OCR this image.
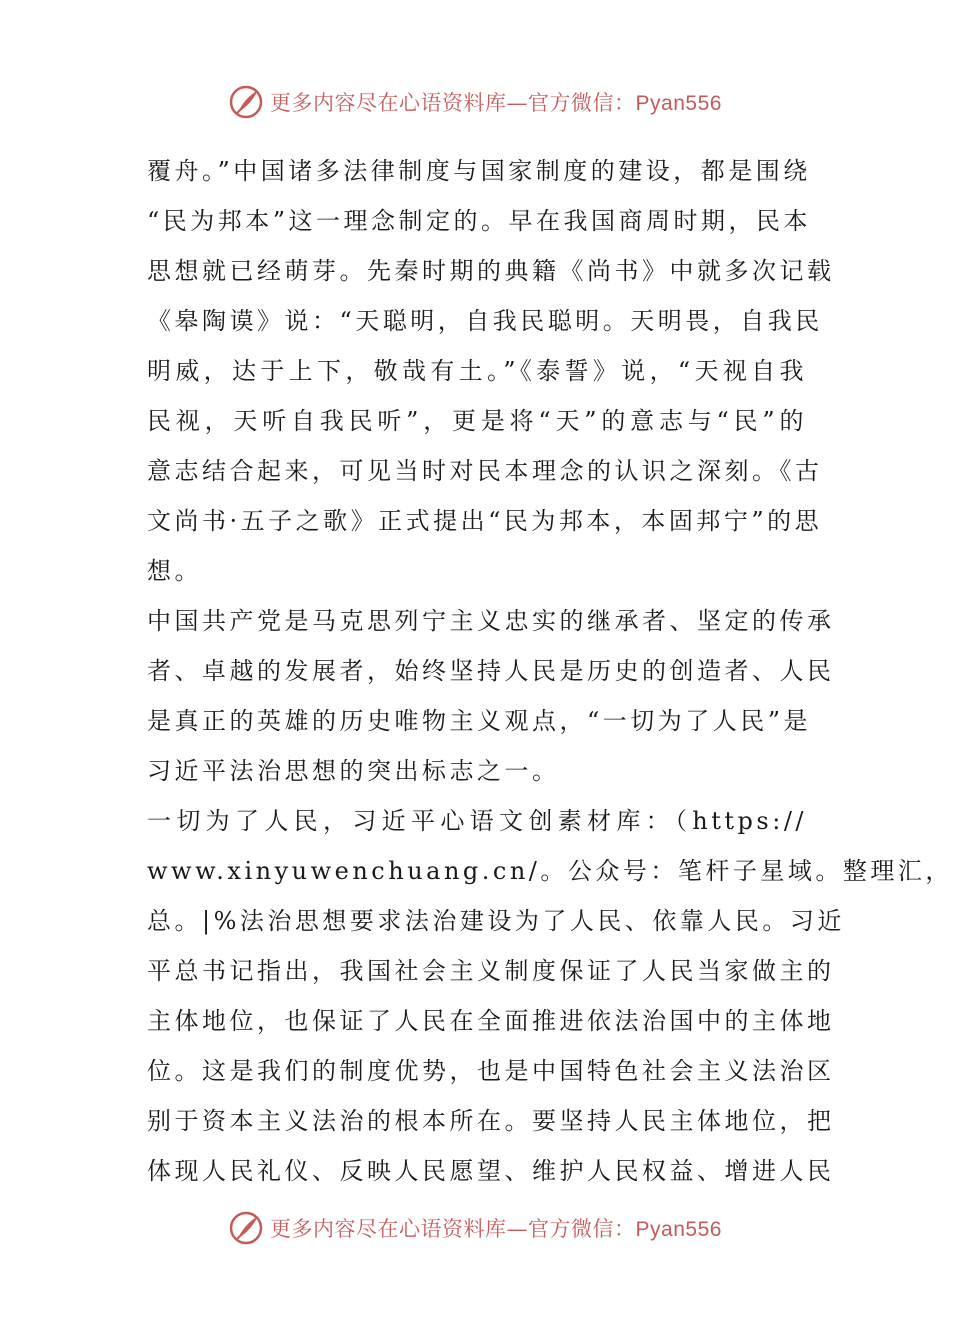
更多内容尽在心语资料库—官方微信：Pyan556
覆舟。”中国诸多法律制度与国家制度的建设，都是围绕
“民为邦本”这一理念制定的。早在我国商周时期，民本
思想就已经萌芽。先秦时期的典籍《尚书》中就多次记载
《皋陶谟》说：“天聪明，自我民聪明。天明畏，自我民
明威，达于上下，敬哉有土。”《泰誓》说，“天视自我
民视，天听自我民听”，更是将“天”的意志与“民”的
意志结合起来，可见当时对民本理念的认识之深刻。《古
文尚书·五子之歌》正式提出“民为邦本，本固邦宁”的思
想。
中国共产党是马克思列宁主义忠实的继承者、坚定的传承
者、卓越的发展者，始终坚持人民是历史的创造者、人民
是真正的英雄的历史唯物主义观点，“一切为了人民”是
习近平法治思想的突出标志之一。
一切为了人民，习近平心语文创素材库：（https://
www.xinyuwenchuang.cn/。公众号：笔杆子星域。整理汇，
总。|%法治思想要求法治建设为了人民、依靠人民。习近
平总书记指出，我国社会主义制度保证了人民当家做主的
主体地位，也保证了人民在全面推进依法治国中的主体地
位。这是我们的制度优势，也是中国特色社会主义法治区
别于资本主义法治的根本所在。要坚持人民主体地位，把
体现人民礼仪、反映人民愿望、维护人民权益、增进人民
更多内容尽在心语资料库—官方微信：Pyan556
